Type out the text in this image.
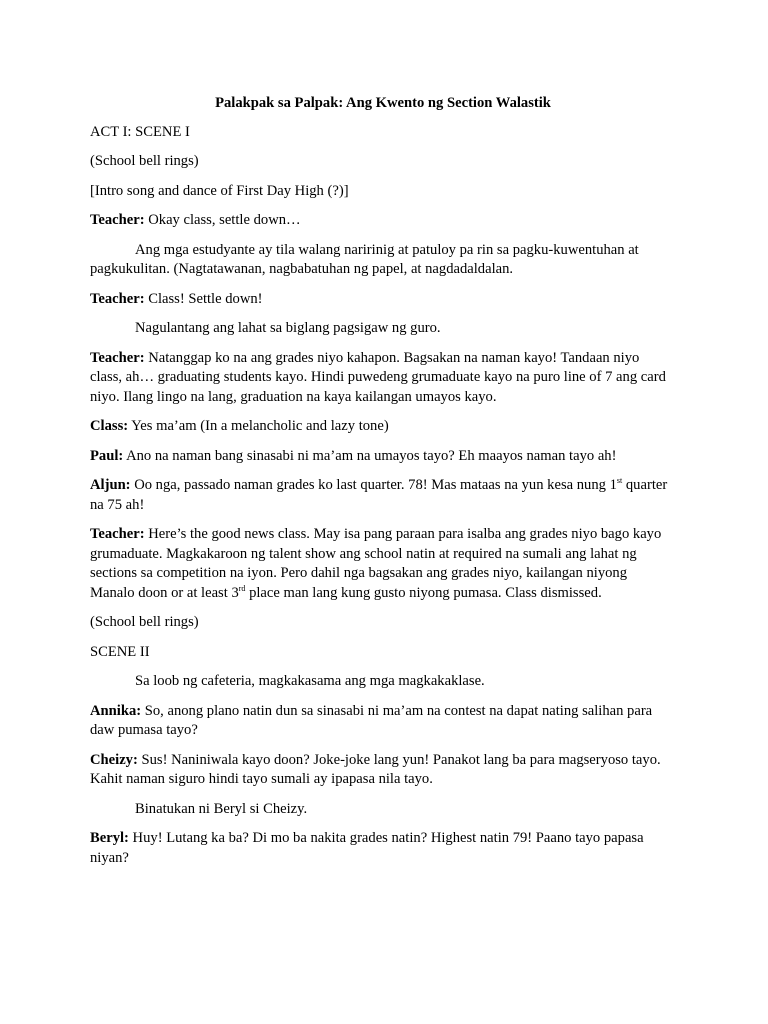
Palakpak sa Palpak: Ang Kwento ng Section Walastik

ACT I: SCENE I

(School bell rings)

[Intro song and dance of First Day High (?)]

Teacher: Okay class, settle down…

Ang mga estudyante ay tila walang naririnig at patuloy pa rin sa pagku-kuwentuhan at pagkukulitan. (Nagtatawanan, nagbabatuhan ng papel, at nagdadaldalan.

Teacher: Class! Settle down!

Nagulantang ang lahat sa biglang pagsigaw ng guro.

Teacher: Natanggap ko na ang grades niyo kahapon. Bagsakan na naman kayo! Tandaan niyo class, ah… graduating students kayo. Hindi puwedeng grumaduate kayo na puro line of 7 ang card niyo. Ilang lingo na lang, graduation na kaya kailangan umayos kayo.

Class: Yes ma’am (In a melancholic and lazy tone)

Paul: Ano na naman bang sinasabi ni ma’am na umayos tayo? Eh maayos naman tayo ah!

Aljun: Oo nga, passado naman grades ko last quarter. 78! Mas mataas na yun kesa nung 1st quarter na 75 ah!

Teacher: Here’s the good news class. May isa pang paraan para isalba ang grades niyo bago kayo grumaduate. Magkakaroon ng talent show ang school natin at required na sumali ang lahat ng sections sa competition na iyon. Pero dahil nga bagsakan ang grades niyo, kailangan niyong Manalo doon or at least 3rd place man lang kung gusto niyong pumasa. Class dismissed.

(School bell rings)

SCENE II

Sa loob ng cafeteria, magkakasama ang mga magkakaklase.

Annika: So, anong plano natin dun sa sinasabi ni ma’am na contest na dapat nating salihan para daw pumasa tayo?

Cheizy: Sus! Naniniwala kayo doon? Joke-joke lang yun! Panakot lang ba para magseryoso tayo. Kahit naman siguro hindi tayo sumali ay ipapasa nila tayo.

Binatukan ni Beryl si Cheizy.

Beryl: Huy! Lutang ka ba? Di mo ba nakita grades natin? Highest natin 79! Paano tayo papasa niyan?
